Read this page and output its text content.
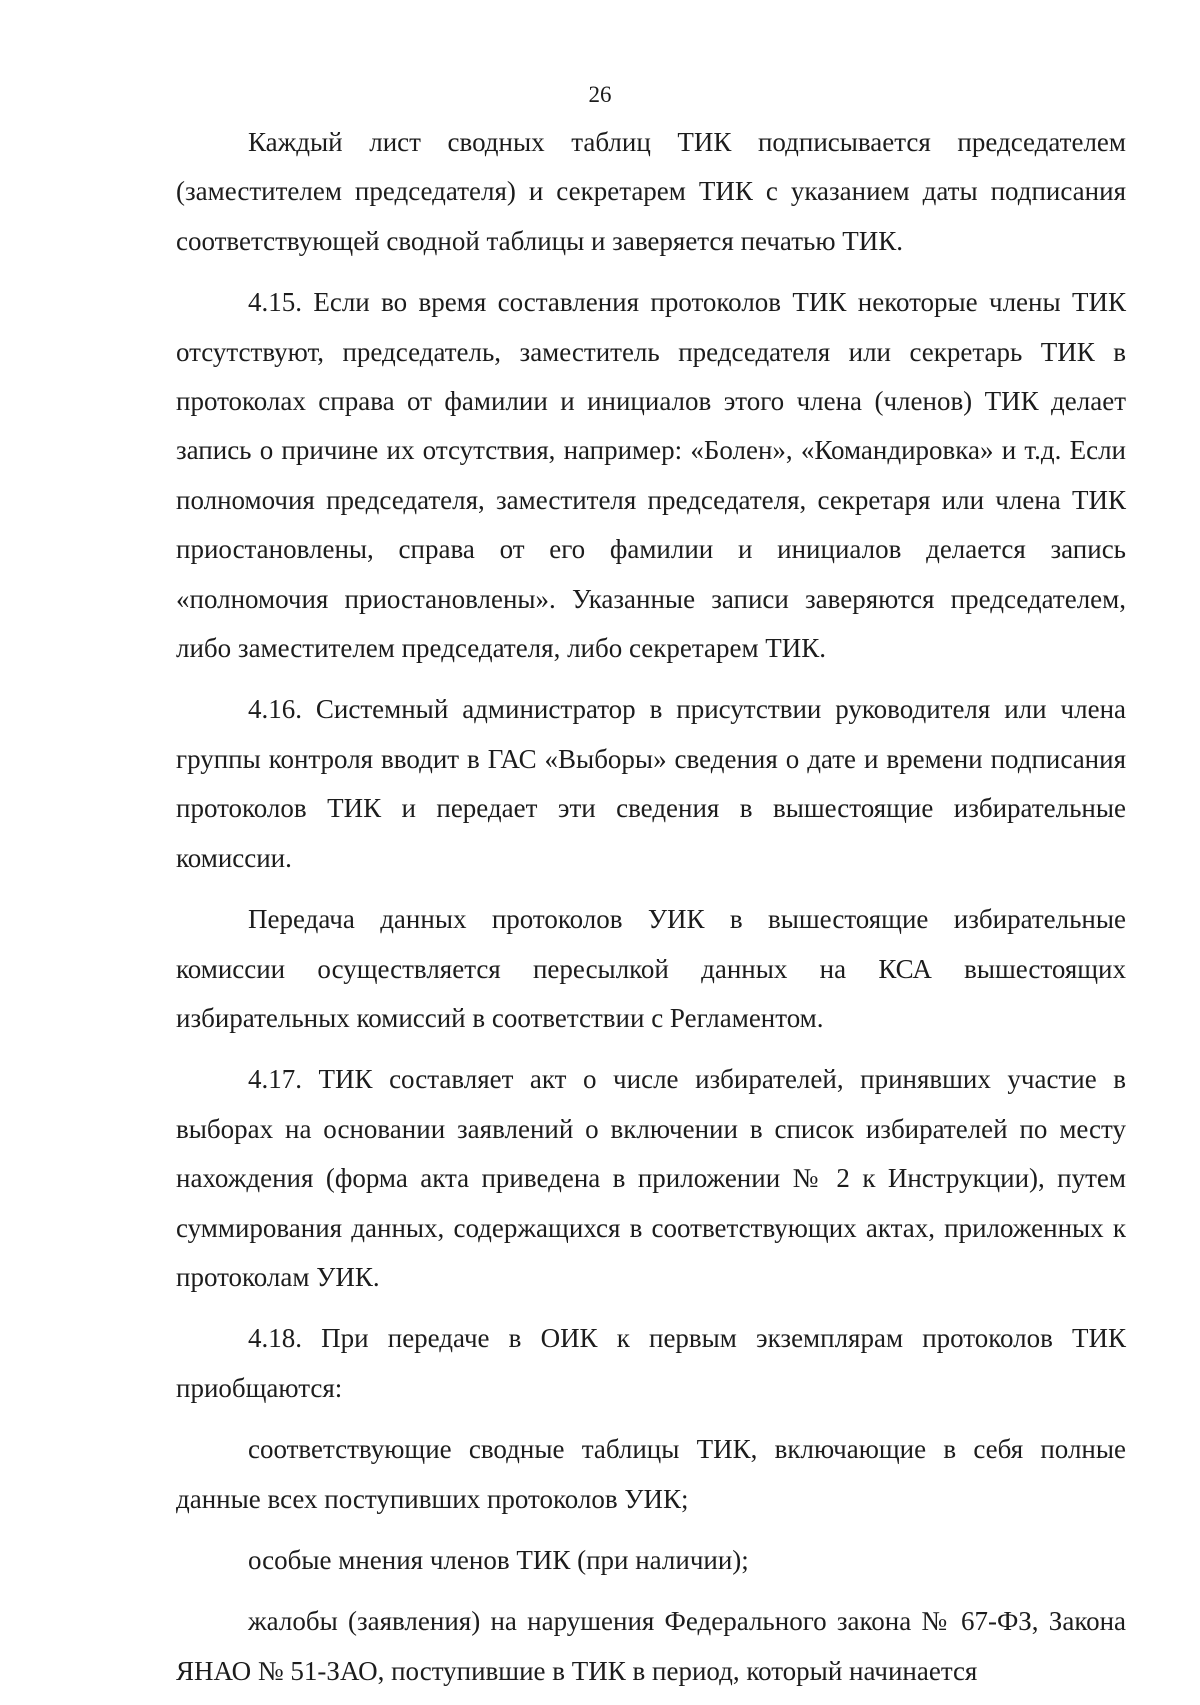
26

Каждый лист сводных таблиц ТИК подписывается председателем (заместителем председателя) и секретарем ТИК с указанием даты подписания соответствующей сводной таблицы и заверяется печатью ТИК.

4.15. Если во время составления протоколов ТИК некоторые члены ТИК отсутствуют, председатель, заместитель председателя или секретарь ТИК в протоколах справа от фамилии и инициалов этого члена (членов) ТИК делает запись о причине их отсутствия, например: «Болен», «Командировка» и т.д. Если полномочия председателя, заместителя председателя, секретаря или члена ТИК приостановлены, справа от его фамилии и инициалов делается запись «полномочия приостановлены». Указанные записи заверяются председателем, либо заместителем председателя, либо секретарем ТИК.

4.16. Системный администратор в присутствии руководителя или члена группы контроля вводит в ГАС «Выборы» сведения о дате и времени подписания протоколов ТИК и передает эти сведения в вышестоящие избирательные комиссии.

Передача данных протоколов УИК в вышестоящие избирательные комиссии осуществляется пересылкой данных на КСА вышестоящих избирательных комиссий в соответствии с Регламентом.

4.17. ТИК составляет акт о числе избирателей, принявших участие в выборах на основании заявлений о включении в список избирателей по месту нахождения (форма акта приведена в приложении № 2 к Инструкции), путем суммирования данных, содержащихся в соответствующих актах, приложенных к протоколам УИК.

4.18. При передаче в ОИК к первым экземплярам протоколов ТИК приобщаются:

соответствующие сводные таблицы ТИК, включающие в себя полные данные всех поступивших протоколов УИК;

особые мнения членов ТИК (при наличии);

жалобы (заявления) на нарушения Федерального закона № 67-ФЗ, Закона ЯНАО № 51-ЗАО, поступившие в ТИК в период, который начинается
